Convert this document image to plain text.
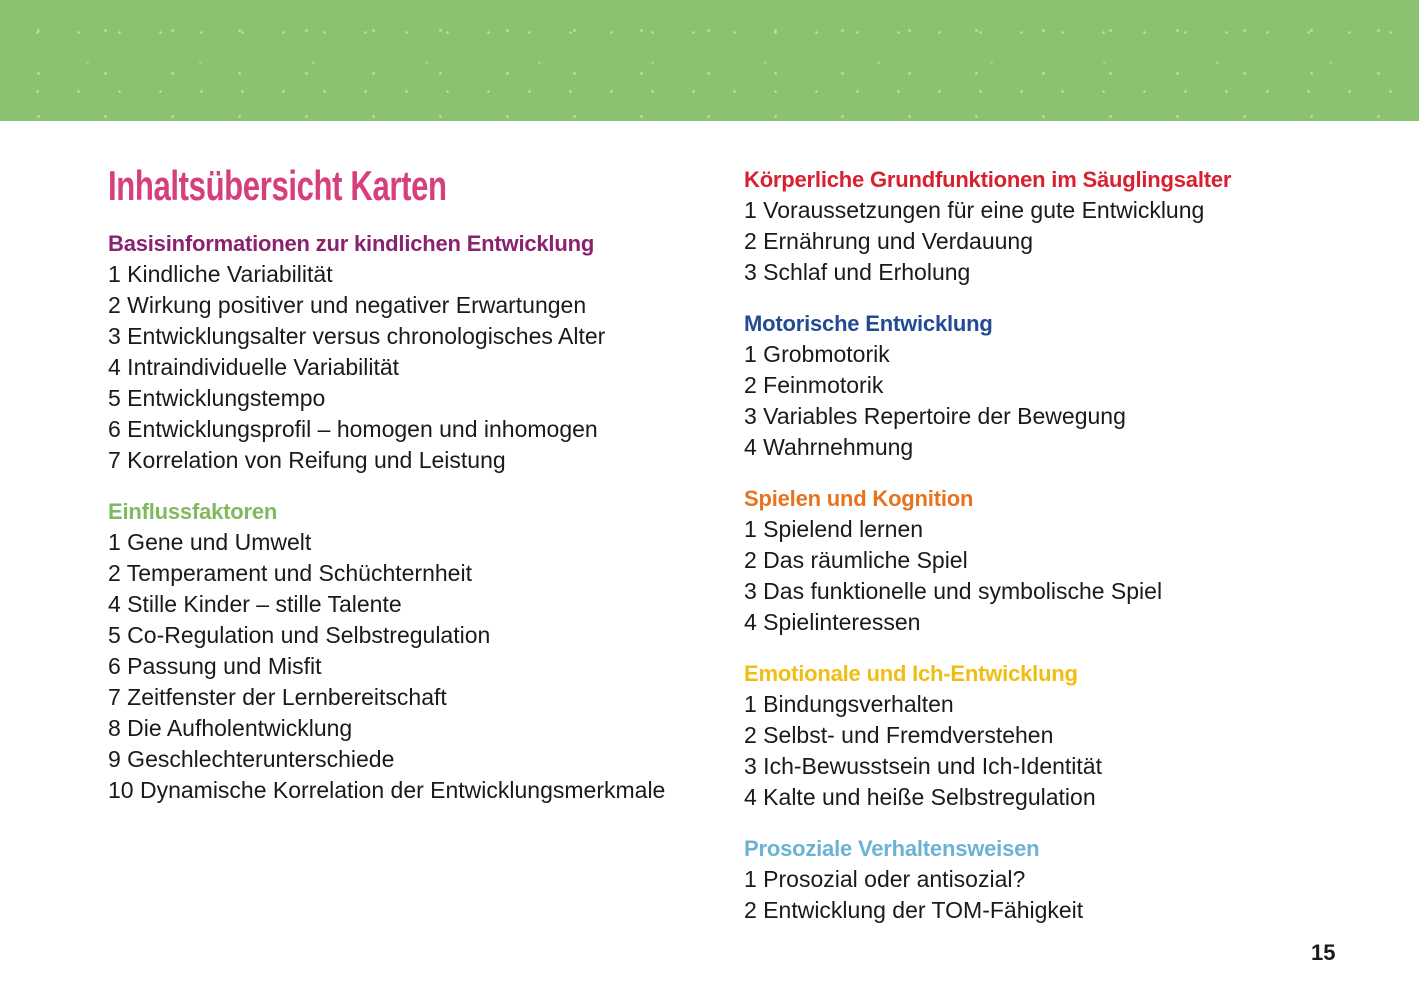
Inhaltsübersicht Karten
Basisinformationen zur kindlichen Entwicklung
1 Kindliche Variabilität
2 Wirkung positiver und negativer Erwartungen
3 Entwicklungsalter versus chronologisches Alter
4 Intraindividuelle Variabilität
5 Entwicklungstempo
6 Entwicklungsprofil – homogen und inhomogen
7 Korrelation von Reifung und Leistung
Einflussfaktoren
1 Gene und Umwelt
2 Temperament und Schüchternheit
4 Stille Kinder – stille Talente
5 Co-Regulation und Selbstregulation
6 Passung und Misfit
7 Zeitfenster der Lernbereitschaft
8 Die Aufholentwicklung
9 Geschlechterunterschiede
10 Dynamische Korrelation der Entwicklungsmerkmale
Körperliche Grundfunktionen im Säuglingsalter
1 Voraussetzungen für eine gute Entwicklung
2 Ernährung und Verdauung
3 Schlaf und Erholung
Motorische Entwicklung
1 Grobmotorik
2 Feinmotorik
3 Variables Repertoire der Bewegung
4 Wahrnehmung
Spielen und Kognition
1 Spielend lernen
2 Das räumliche Spiel
3 Das funktionelle und symbolische Spiel
4 Spielinteressen
Emotionale und Ich-Entwicklung
1 Bindungsverhalten
2 Selbst- und Fremdverstehen
3 Ich-Bewusstsein und Ich-Identität
4 Kalte und heiße Selbstregulation
Prosoziale Verhaltensweisen
1 Prosozial oder antisozial?
2 Entwicklung der TOM-Fähigkeit
15
